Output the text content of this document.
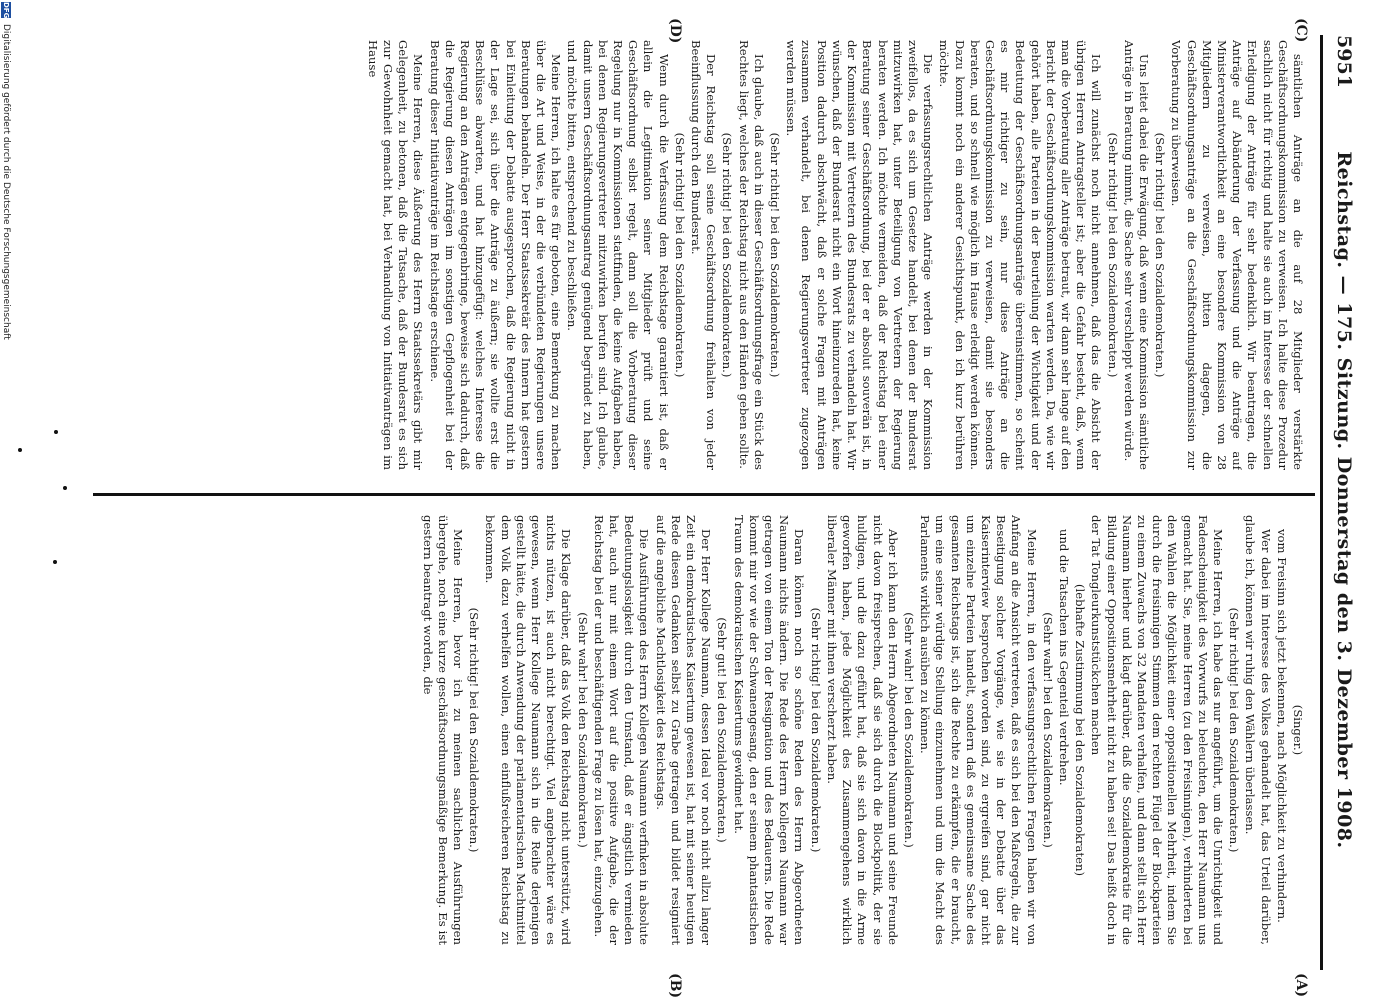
5951
Reichstag. — 175. Sitzung. Donnerstag den 3. Dezember 1908.
(C)
(D)
(A)
(B)

sämtlichen Anträge an die auf 28 Mitglieder verstärkte Geschäftsordnungskommission zu verweisen. Ich halte diese Prozedur sachlich nicht für richtig und halte sie auch im Interesse der schnellen Erledigung der Anträge für sehr bedenklich. Wir beantragen, die Anträge auf Abänderung der Verfassung und die Anträge auf Ministerverantwortlichkeit an eine besondere Kommission von 28 Mitgliedern zu verweisen, bitten dagegen, die Geschäftsordnungsanträge an die Geschäftsordnungskommission zur Vorberatung zu überweisen.

(Sehr richtig! bei den Sozialdemokraten.)

Uns leitet dabei die Erwägung, daß wenn eine Kommission sämtliche Anträge in Beratung nimmt, die Sache sehr verschleppt werden würde.

(Sehr richtig! bei den Sozialdemokraten.)

Ich will zunächst noch nicht annehmen, daß das die Absicht der übrigen Herren Antragsteller ist; aber die Gefahr besteht, daß, wenn man die Vorberatung aller Anträge betraut, wir dann sehr lange auf den Bericht der Geschäftsordnungskommission warten werden. Da, wie wir gehört haben, alle Parteien in der Beurteilung der Wichtigkeit und der Bedeutung der Geschäftsordnungsanträge übereinstimmen, so scheint es mir richtiger zu sein, nur diese Anträge an die Geschäftsordnungskommission zu verweisen, damit sie besonders beraten, und so schnell wie möglich im Hause erledigt werden können. Dazu kommt noch ein anderer Gesichtspunkt, den ich kurz berühren möchte.

Die verfassungsrechtlichen Anträge werden in der Kommission zweifellos, da es sich um Gesetze handelt, bei denen der Bundesrat mitzuwirken hat, unter Beteiligung von Vertretern der Regierung beraten werden. Ich möchte vermeiden, daß der Reichstag bei einer Beratung seiner Geschäftsordnung, bei der er absolut souverän ist, in der Kommission mit Vertretern des Bundesrats zu verhandeln hat. Wir wünschen, daß der Bundesrat nicht ein Wort hineinzureden hat, keine Position dadurch abschwächt, daß er solche Fragen mit Anträgen zusammen verhandelt, bei denen Regierungsvertreter zugezogen werden müssen.

(Sehr richtig! bei den Sozialdemokraten.)

Ich glaube, daß auch in dieser Geschäftsordnungsfrage ein Stück des Rechtes liegt, welches der Reichstag nicht aus den Händen geben sollte.

(Sehr richtig! bei den Sozialdemokraten.)

Der Reichstag soll seine Geschäftsordnung freihalten von jeder Beeinflussung durch den Bundesrat.

(Sehr richtig! bei den Sozialdemokraten.)

Wenn durch die Verfassung dem Reichstage garantiert ist, daß er allein die Legitimation seiner Mitglieder prüft und seine Geschäftsordnung selbst regelt, dann soll die Vorberatung dieser Regelung nur in Kommissionen stattfinden, die keine Aufgaben haben, bei denen Regierungsvertreter mitzuwirken berufen sind. Ich glaube, damit unsern Geschäftsordnungsantrag genügend begründet zu haben, und möchte bitten, entsprechend zu beschließen.

Meine Herren, ich halte es für geboten, eine Bemerkung zu machen über die Art und Weise, in der die verbündeten Regierungen unsere Beratungen behandeln. Der Herr Staatssekretär des Innern hat gestern bei Einleitung der Debatte ausgesprochen, daß die Regierung nicht in der Lage sei, sich über die Anträge zu äußern; sie wollte erst die Beschlüsse abwarten, und hat hinzugefügt: welches Interesse die Regierung an den Anträgen entgegenbringe, beweise sich dadurch, daß die Regierung diesen Anträgen im sonstigen Gepflogenheit bei der Beratung dieser Initiativanträge im Reichstage erschiene.

Meine Herren, diese Äußerung des Herrn Staatssekretärs gibt mir Gelegenheit, zu betonen, daß die Tatsache, daß der Bundesrat es sich zur Gewohnheit gemacht hat, bei Verhandlung von Initiativanträgen im Hause

(Singer.)

vom Freisinn sich jetzt bekennen, nach Möglichkeit zu verhindern.

Wer dabei im Interesse des Volkes gehandelt hat, das Urteil darüber, glaube ich, können wir ruhig den Wählern überlassen.

(Sehr richtig! bei den Sozialdemokraten.)

Meine Herren, ich habe das nur angeführt, um die Unrichtigkeit und Fadenscheinigkeit des Vorwurfs zu beleuchten, den Herr Naumann uns gemacht hat. Sie, meine Herren (zu den Freisinnigen), verhinderten bei den Wahlen die Möglichkeit einer oppositionellen Mehrheit, indem Sie durch die freisinnigen Stimmen dem rechten Flügel der Blockparteien zu einem Zuwachs von 32 Mandaten verhalfen, und dann stellt sich Herr Naumann hierher und klagt darüber, daß die Sozialdemokratie für die Bildung einer Oppositionsmehrheit nicht zu haben sei! Das heißt doch in der Tat Tongleurkunststückchen machen

(lebhafte Zustimmung bei den Sozialdemokraten)

und die Tatsachen ins Gegenteil verdrehen.

(Sehr wahr! bei den Sozialdemokraten.)

Meine Herren, in den verfassungsrechtlichen Fragen haben wir von Anfang an die Ansicht vertreten, daß es sich bei den Maßregeln, die zur Beseitigung solcher Vorgänge, wie sie in der Debatte über das Kaiserinterview besprochen worden sind, zu ergreifen sind, gar nicht um einzelne Parteien handelt, sondern daß es gemeinsame Sache des gesamten Reichstags ist, sich die Rechte zu erkämpfen, die er braucht, um eine seiner würdige Stellung einzunehmen und um die Macht des Parlaments wirklich ausüben zu können.

(Sehr wahr! bei den Sozialdemokraten.)

Aber ich kann den Herrn Abgeordneten Naumann und seine Freunde nicht davon freisprechen, daß sie sich durch die Blockpolitik, der sie huldigen, und die dazu geführt hat, daß sie sich davon in die Arme geworfen haben, jede Möglichkeit des Zusammengehens wirklich liberaler Männer mit ihnen verscherzt haben.

(Sehr richtig! bei den Sozialdemokraten.)

Daran können noch so schöne Reden des Herrn Abgeordneten Naumann nichts ändern. Die Rede des Herrn Kollegen Naumann war getragen von einem Ton der Resignation und des Bedauerns. Die Rede kommt mir vor wie der Schwanengesang, den er seinem phantastischen Traum des demokratischen Kaisertums gewidmet hat.

(Sehr gut! bei den Sozialdemokraten.)

Der Herr Kollege Naumann, dessen Ideal vor noch nicht allzu langer Zeit ein demokratisches Kaisertum gewesen ist, hat mit seiner heutigen Rede diesen Gedanken selbst zu Grabe getragen und bildet resigniert auf die angebliche Machtlosigkeit des Reichstags.

Die Ausführungen des Herrn Kollegen Naumann verfinken in absolute Bedeutungslosigkeit durch den Umstand, daß er ängstlich vermieden hat, auch nur mit einem Wort auf die positive Aufgabe, die der Reichstag bei der und beschäftigenden Frage zu lösen hat, einzugehen.

(Sehr wahr! bei den Sozialdemokraten.)

Die Klage darüber, daß das Volk den Reichstag nicht unterstützt, wird nichts nützen, ist auch nicht berechtigt. Viel angebrachter wäre es gewesen, wenn Herr Kollege Naumann sich in die Reihe derjenigen gestellt hätte, die durch Anwendung der parlamentarischen Machtmittel dem Volk dazu verhelfen wollen, einen einflußreicheren Reichstag zu bekommen.

(Sehr richtig! bei den Sozialdemokraten.)

Meine Herren, bevor ich zu meinen sachlichen Ausführungen übergehe, noch eine kurze geschäftsordnungsmäßige Bemerkung. Es ist gestern beantragt worden, die

DFG
Digitalisierung gefördert durch die Deutsche Forschungsgemeinschaft
